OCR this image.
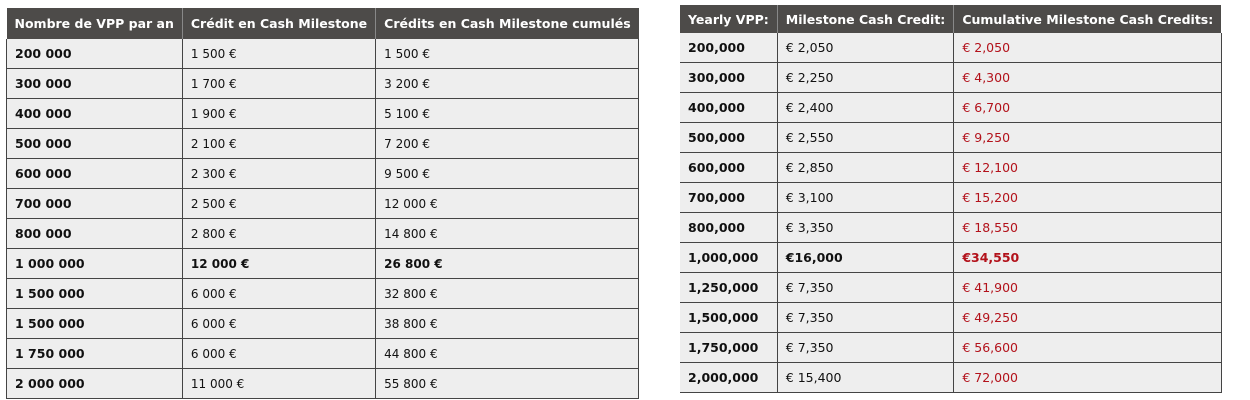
Nombre de VPP par an	Crédit en Cash Milestone	Crédits en Cash Milestone cumulés
200 000	1 500 €	1 500 €
300 000	1 700 €	3 200 €
400 000	1 900 €	5 100 €
500 000	2 100 €	7 200 €
600 000	2 300 €	9 500 €
700 000	2 500 €	12 000 €
800 000	2 800 €	14 800 €
1 000 000	12 000 €	26 800 €
1 500 000	6 000 €	32 800 €
1 500 000	6 000 €	38 800 €
1 750 000	6 000 €	44 800 €
2 000 000	11 000 €	55 800 €
Yearly VPP:	Milestone Cash Credit:	Cumulative Milestone Cash Credits:
200,000	€ 2,050	€ 2,050
300,000	€ 2,250	€ 4,300
400,000	€ 2,400	€ 6,700
500,000	€ 2,550	€ 9,250
600,000	€ 2,850	€ 12,100
700,000	€ 3,100	€ 15,200
800,000	€ 3,350	€ 18,550
1,000,000	€16,000	€34,550
1,250,000	€ 7,350	€ 41,900
1,500,000	€ 7,350	€ 49,250
1,750,000	€ 7,350	€ 56,600
2,000,000	€ 15,400	€ 72,000
